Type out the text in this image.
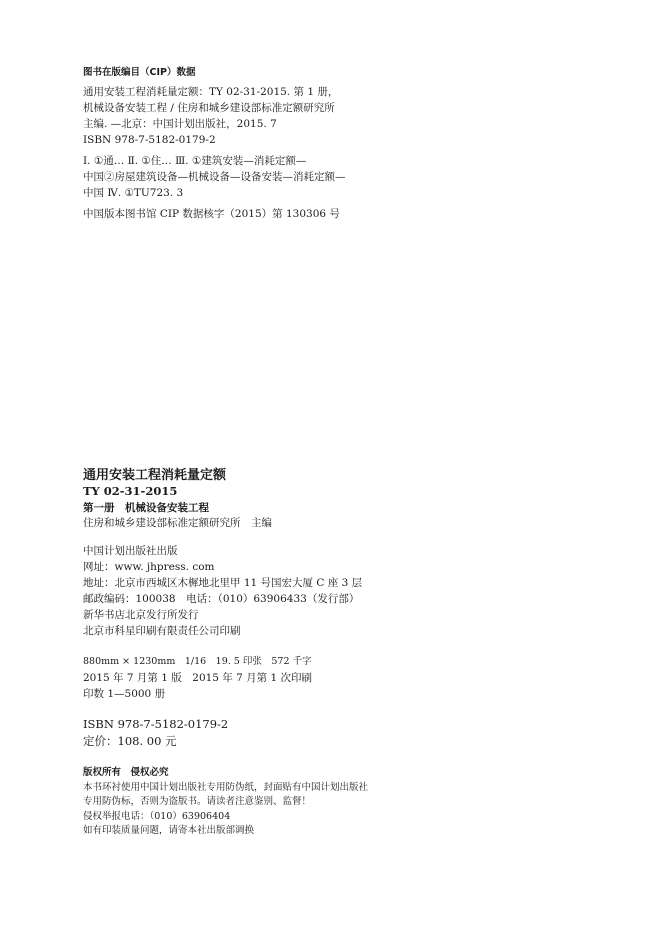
图书在版编目（CIP）数据
通用安装工程消耗量定额：TY 02-31-2015. 第 1 册，
机械设备安装工程 / 住房和城乡建设部标准定额研究所
主编. —北京：中国计划出版社，2015. 7
ISBN 978-7-5182-0179-2
Ⅰ. ①通… Ⅱ. ①住… Ⅲ. ①建筑安装—消耗定额—
中国②房屋建筑设备—机械设备—设备安装—消耗定额—
中国 Ⅳ. ①TU723. 3
中国版本图书馆 CIP 数据核字（2015）第 130306 号
通用安装工程消耗量定额
TY 02-31-2015
第一册　机械设备安装工程
住房和城乡建设部标准定额研究所　主编
中国计划出版社出版
网址：www. jhpress. com
地址：北京市西城区木樨地北里甲 11 号国宏大厦 C 座 3 层
邮政编码：100038　电话：（010）63906433（发行部）
新华书店北京发行所发行
北京市科星印刷有限责任公司印刷
880mm × 1230mm　1/16　19. 5 印张　572 千字
2015 年 7 月第 1 版　2015 年 7 月第 1 次印刷
印数 1—5000 册
ISBN 978-7-5182-0179-2
定价：108. 00 元
版权所有　侵权必究
本书环衬使用中国计划出版社专用防伪纸，封面贴有中国计划出版社
专用防伪标，否则为盗版书。请读者注意鉴别、监督！
侵权举报电话：（010）63906404
如有印装质量问题，请寄本社出版部调换
